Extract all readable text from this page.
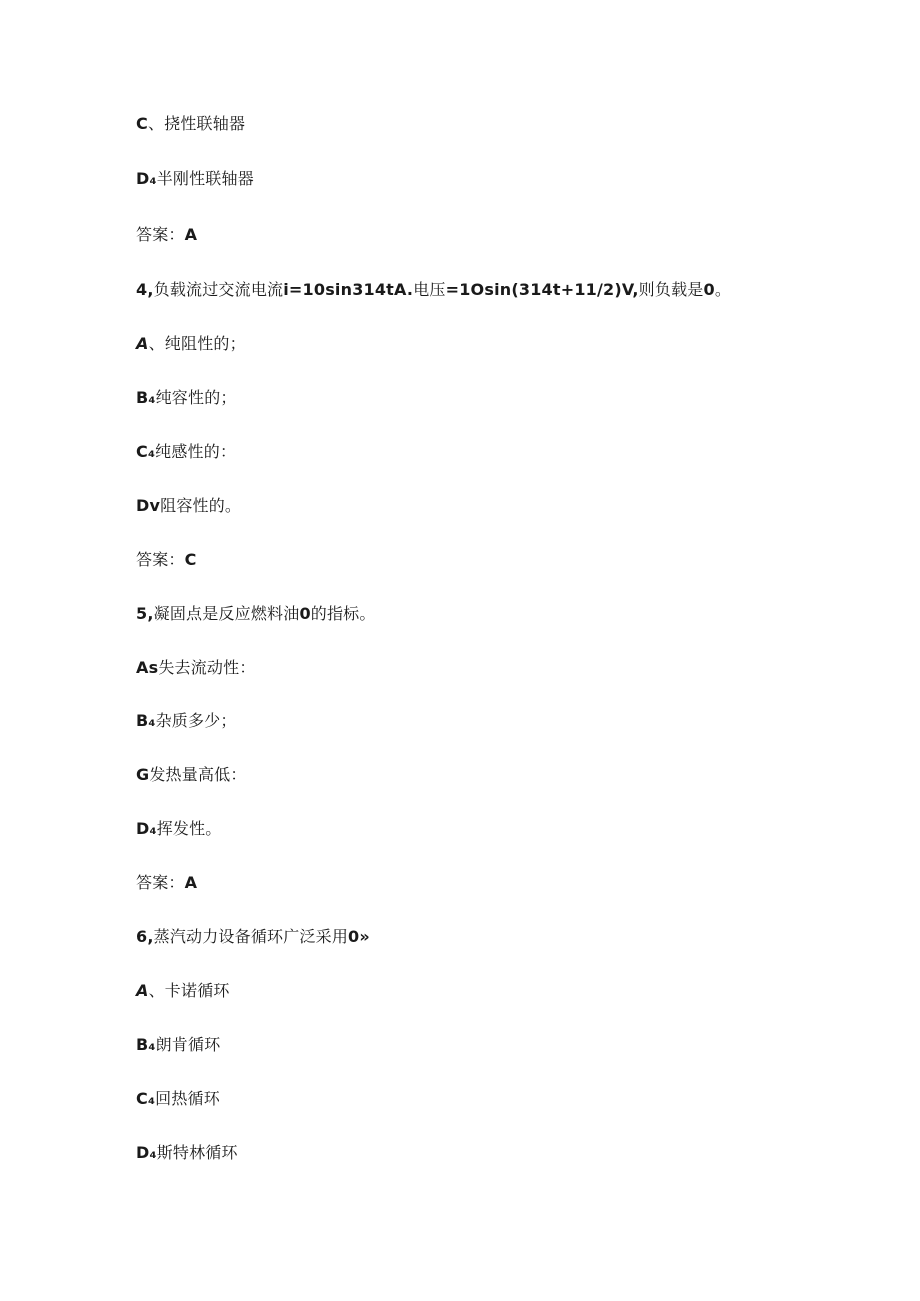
C、挠性联轴器
D₄半刚性联轴器
答案：A
4,负载流过交流电流i=10sin314tA.电压=1Osin(314t+11/2)V,则负载是0。
A、纯阻性的；
B₄纯容性的；
C₄纯感性的：
Dv阻容性的。
答案：C
5,凝固点是反应燃料油0的指标。
As失去流动性：
B₄杂质多少；
G发热量高低：
D₄挥发性。
答案：A
6,蒸汽动力设备循环广泛采用0»
A、卡诺循环
B₄朗肯循环
C₄回热循环
D₄斯特林循环
